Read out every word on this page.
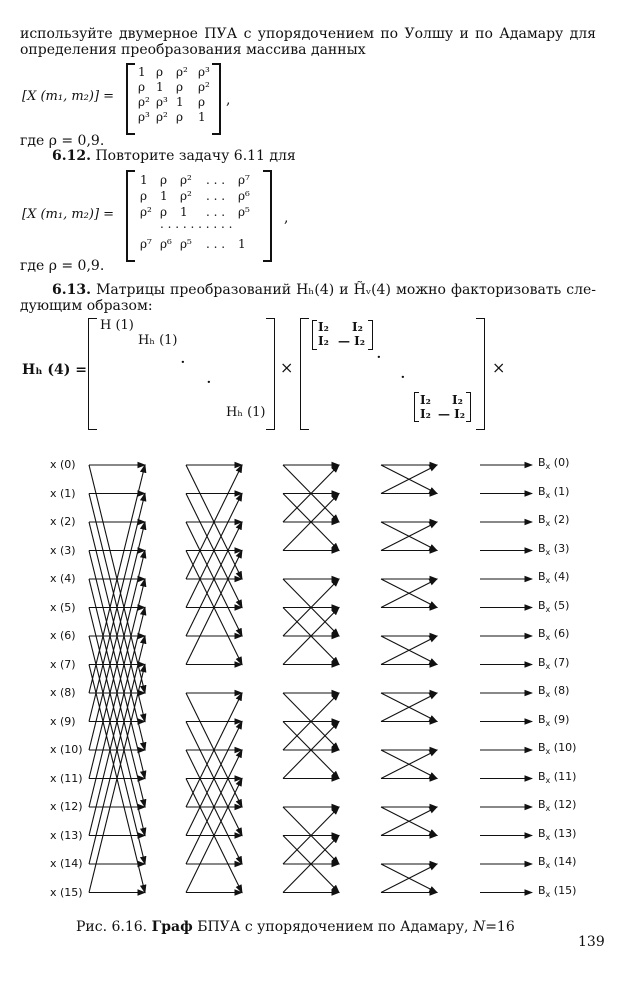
используйте двумерное ПУА с упорядочением по Уолшу и по Адамару для
определения преобразования массива данных
[X (m₁, m₂)] =
1 ρ ρ² ρ³
ρ 1 ρ ρ²
ρ² ρ³ 1 ρ
ρ³ ρ² ρ 1
,
где ρ = 0,9.
6.12. Повторите задачу 6.11 для
[X (m₁, m₂)] =
1 ρ ρ² . . . ρ⁷
ρ 1 ρ² . . . ρ⁶
ρ² ρ 1 . . . ρ⁵
. . . . . . . . . .
ρ⁷ ρ⁶ ρ⁵ . . . 1
,
где ρ = 0,9.
6.13. Матрицы преобразований Hₕ(4) и H̃ᵥ(4) можно факторизовать сле-
дующим образом:
Hₕ (4) =
H (1)
Hₕ (1)
·
·
Hₕ (1)
×
I₂ I₂
I₂ — I₂
·
·
I₂ I₂
I₂ — I₂
×
x (0)
x (1)
x (2)
x (3)
x (4)
x (5)
x (6)
x (7)
x (8)
x (9)
x (10)
x (11)
x (12)
x (13)
x (14)
x (15)
$B_x$ (0)
$B_x$ (1)
$B_x$ (2)
$B_x$ (3)
$B_x$ (4)
$B_x$ (5)
$B_x$ (6)
$B_x$ (7)
$B_x$ (8)
$B_x$ (9)
$B_x$ (10)
$B_x$ (11)
$B_x$ (12)
$B_x$ (13)
$B_x$ (14)
$B_x$ (15)
Рис. 6.16. Граф БПУА с упорядочением по Адамару, N=16
139
